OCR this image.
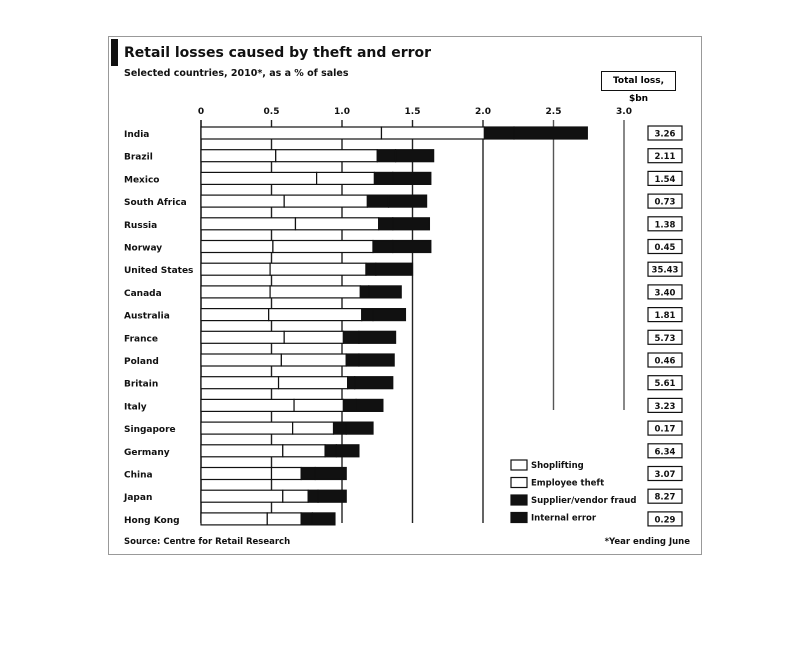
Retail losses caused by theft and error
Selected countries, 2010*, as a % of sales
Total loss, $bn
Source: Centre for Retail Research	*Year ending June
0	0.5	1.0	1.5	2.0	2.5	3.0
India	3.26
Brazil	2.11
Mexico	1.54
South Africa	0.73
Russia	1.38
Norway	0.45
United States	35.43
Canada	3.40
Australia	1.81
France	5.73
Poland	0.46
Britain	5.61
Italy	3.23
Singapore	0.17
Germany	6.34
China	3.07
Japan	8.27
Hong Kong	0.29
Shoplifting
Employee theft
Supplier/vendor fraud
Internal error
